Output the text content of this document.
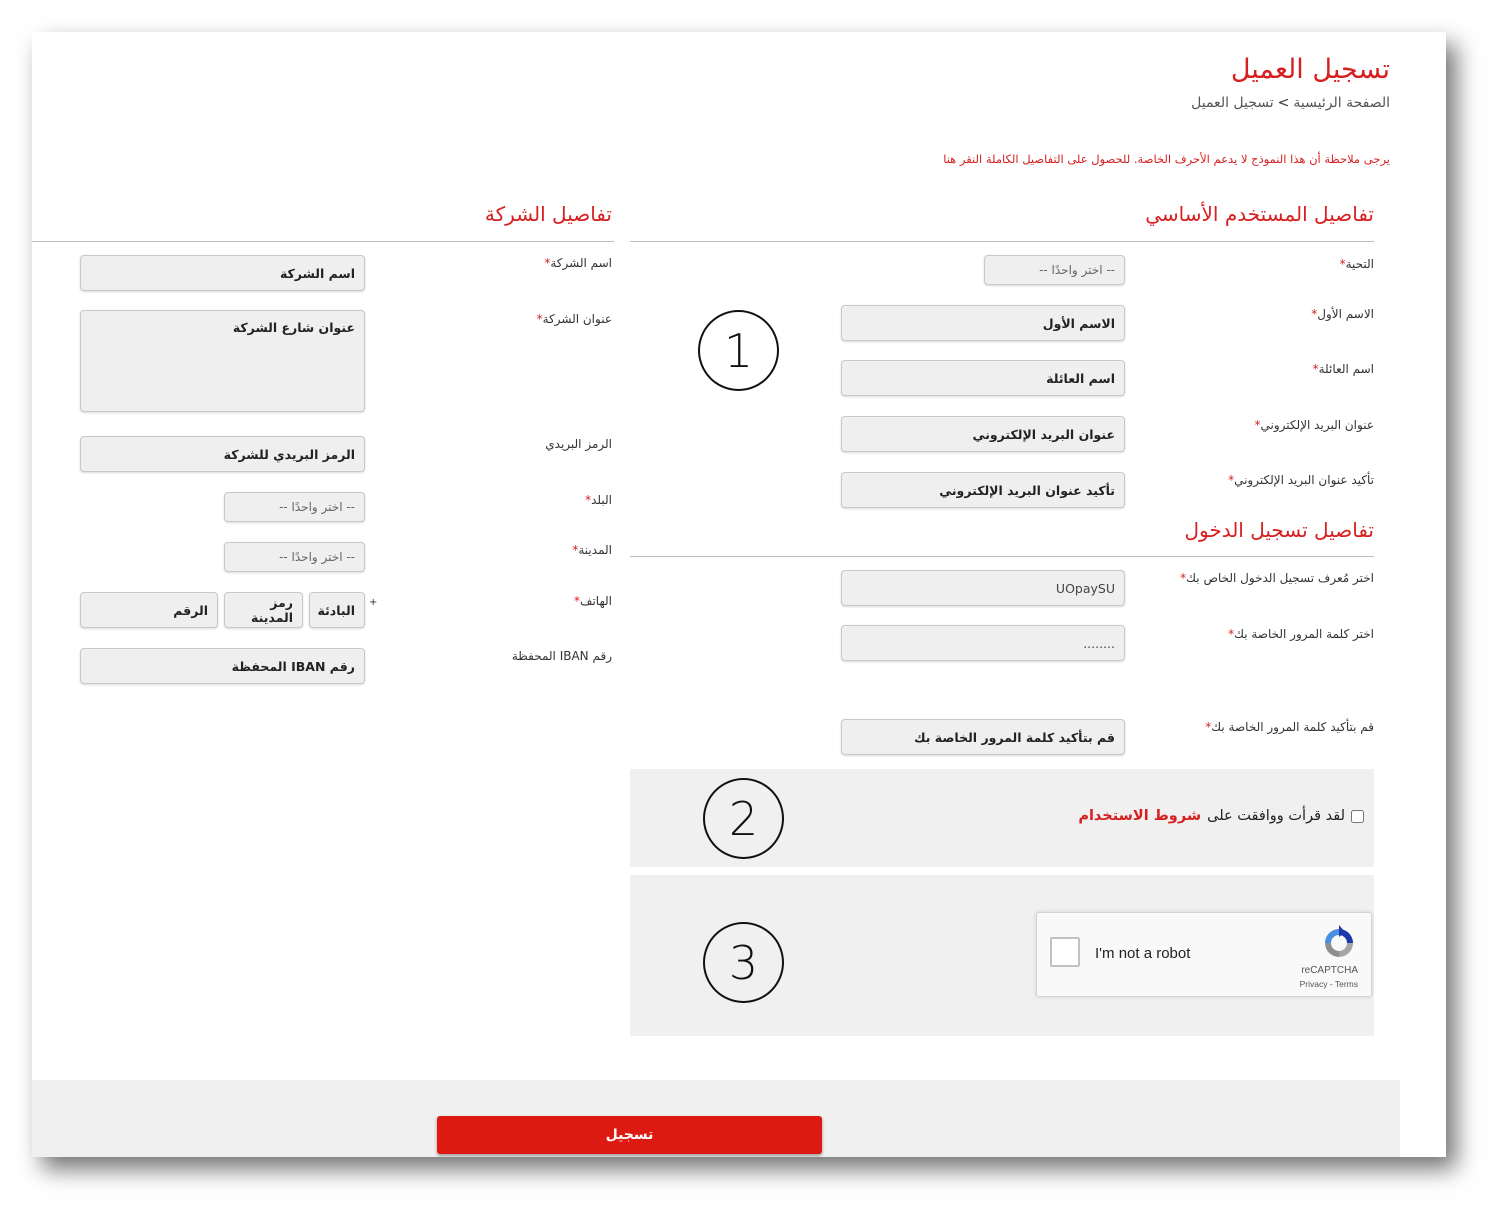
تسجيل العميل
الصفحة الرئيسية>تسجيل العميل
يرجى ملاحظة أن هذا النموذج لا يدعم الأحرف الخاصة. للحصول على التفاصيل الكاملة النقر هنا
تفاصيل المستخدم الأساسي
التحية*
-- اختر واحدًا --
الاسم الأول*
الاسم الأول
اسم العائلة*
اسم العائلة
عنوان البريد الإلكتروني*
عنوان البريد الإلكتروني
تأكيد عنوان البريد الإلكتروني*
تأكيد عنوان البريد الإلكتروني
تفاصيل تسجيل الدخول
اختر مُعرف تسجيل الدخول الخاص بك*
UOpaySU
اختر كلمة المرور الخاصة بك*
........
قم بتأكيد كلمة المرور الخاصة بك*
قم بتأكيد كلمة المرور الخاصة بك
لقد قرأت ووافقت على
شروط الاستخدام
I'm not a robot
reCAPTCHA
Privacy - Terms
تفاصيل الشركة
اسم الشركة*
اسم الشركة
عنوان الشركة*
عنوان شارع الشركة
الرمز البريدي
الرمز البريدي للشركة
البلد*
-- اختر واحدًا --
المدينة*
-- اختر واحدًا --
الهاتف*
+
البادئة
رمز المدينة
الرقم
رقم IBAN المحفظة
رقم IBAN المحفظة
1
2
3
تسجيل
